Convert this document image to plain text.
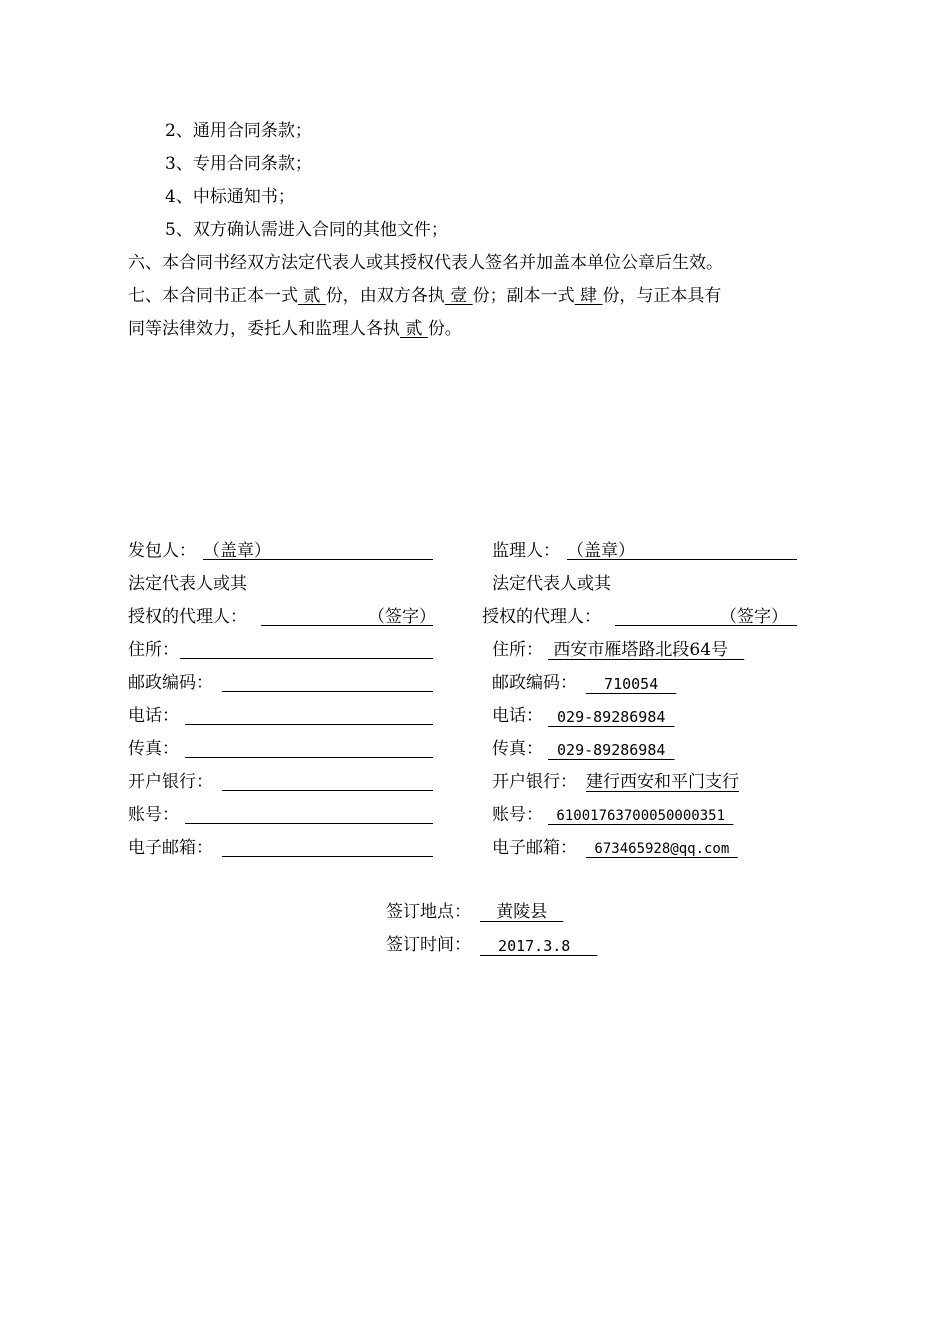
2、通用合同条款；
3、专用合同条款；
4、中标通知书；
5、双方确认需进入合同的其他文件；
六、本合同书经双方法定代表人或其授权代表人签名并加盖本单位公章后生效。
七、本合同书正本一式 贰 份，由双方各执 壹 份；副本一式 肆 份，与正本具有
同等法律效力，委托人和监理人各执 贰 份。
发包人： （盖章）
法定代表人或其
授权的代理人：	（签字）
住所：
邮政编码：
电话：
传真：
开户银行：
账号：
电子邮箱：
监理人： （盖章）
法定代表人或其
授权的代理人：	（签字）
住所： 西安市雁塔路北段64号
邮政编码： 710054
电话： 029-89286984
传真： 029-89286984
开户银行： 建行西安和平门支行
账号： 61001763700050000351
电子邮箱： 673465928@qq.com
签订地点： 黄陵县
签订时间： 2017.3.8
